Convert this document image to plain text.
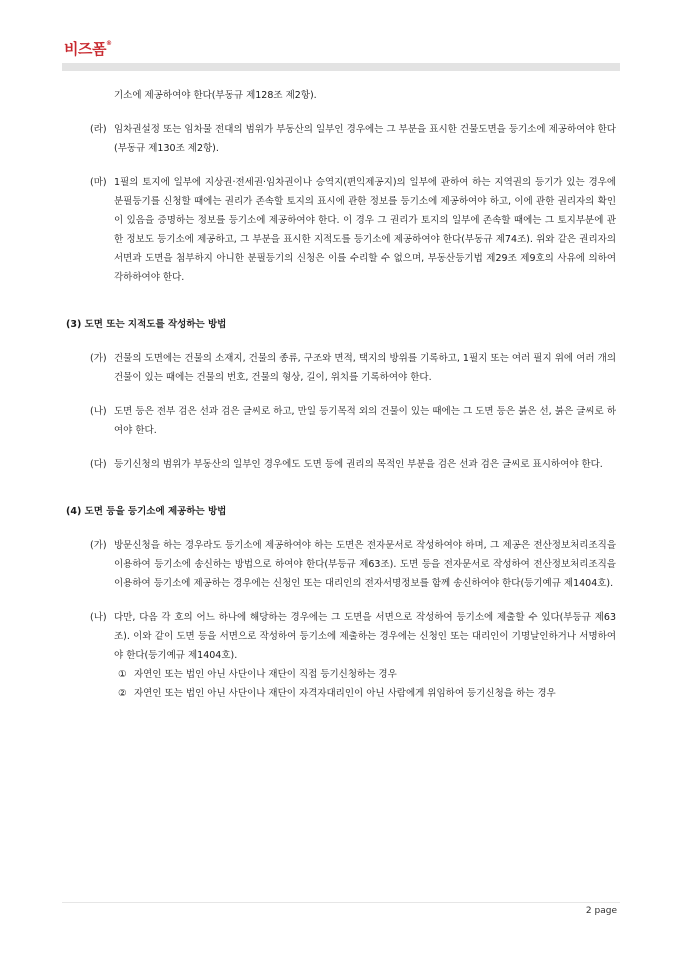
비즈폼®
기소에 제공하여야 한다(부동규 제128조 제2항).
(라) 임차권설정 또는 임차물 전대의 범위가 부동산의 일부인 경우에는 그 부분을 표시한 건물도면을 등기소에 제공하여야 한다(부동규 제130조 제2항).
(마) 1필의 토지에 일부에 지상권·전세권·임차권이나 승역지(편익제공지)의 일부에 관하여 하는 지역권의 등기가 있는 경우에 분필등기를 신청할 때에는 권리가 존속할 토지의 표시에 관한 정보를 등기소에 제공하여야 하고, 이에 관한 권리자의 확인이 있음을 증명하는 정보를 등기소에 제공하여야 한다. 이 경우 그 권리가 토지의 일부에 존속할 때에는 그 토지부분에 관한 정보도 등기소에 제공하고, 그 부분을 표시한 지적도를 등기소에 제공하여야 한다(부동규 제74조). 위와 같은 권리자의 서면과 도면을 첨부하지 아니한 분필등기의 신청은 이를 수리할 수 없으며, 부동산등기법 제29조 제9호의 사유에 의하여 각하하여야 한다.
(3) 도면 또는 지적도를 작성하는 방법
(가) 건물의 도면에는 건물의 소재지, 건물의 종류, 구조와 면적, 택지의 방위를 기록하고, 1필지 또는 여러 필지 위에 여러 개의 건물이 있는 때에는 건물의 번호, 건물의 형상, 길이, 위치를 기록하여야 한다.
(나) 도면 등은 전부 검은 선과 검은 글씨로 하고, 만일 등기목적 외의 건물이 있는 때에는 그 도면 등은 붉은 선, 붉은 글씨로 하여야 한다.
(다) 등기신청의 범위가 부동산의 일부인 경우에도 도면 등에 권리의 목적인 부분을 검은 선과 검은 글씨로 표시하여야 한다.
(4) 도면 등을 등기소에 제공하는 방법
(가) 방문신청을 하는 경우라도 등기소에 제공하여야 하는 도면은 전자문서로 작성하여야 하며, 그 제공은 전산정보처리조직을 이용하여 등기소에 송신하는 방법으로 하여야 한다(부등규 제63조). 도면 등을 전자문서로 작성하여 전산정보처리조직을 이용하여 등기소에 제공하는 경우에는 신청인 또는 대리인의 전자서명정보를 함께 송신하여야 한다(등기예규 제1404호).
(나) 다만, 다음 각 호의 어느 하나에 해당하는 경우에는 그 도면을 서면으로 작성하여 등기소에 제출할 수 있다(부등규 제63조). 이와 같이 도면 등을 서면으로 작성하여 등기소에 제출하는 경우에는 신청인 또는 대리인이 기명날인하거나 서명하여야 한다(등기예규 제1404호).
① 자연인 또는 법인 아닌 사단이나 재단이 직접 등기신청하는 경우
② 자연인 또는 법인 아닌 사단이나 재단이 자격자대리인이 아닌 사람에게 위임하여 등기신청을 하는 경우
2 page
